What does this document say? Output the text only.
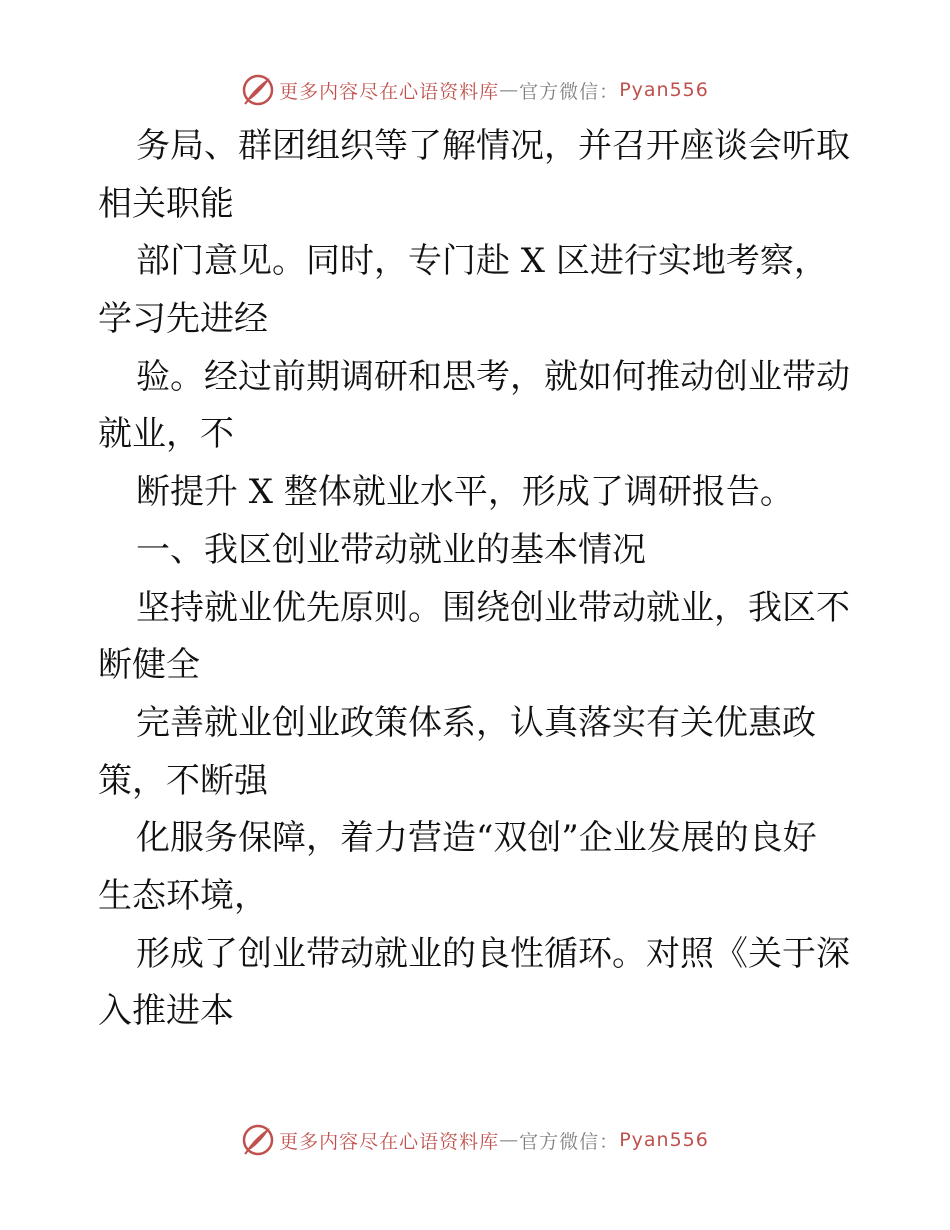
更多内容尽在心语资料库 — 官方微信： Pyan556
务局、群团组织等了解情况，并召开座谈会听取
相关职能
部门意见。同时，专门赴 X 区进行实地考察，
学习先进经
验。经过前期调研和思考，就如何推动创业带动
就业，不
断提升 X 整体就业水平，形成了调研报告。
一、我区创业带动就业的基本情况
坚持就业优先原则。围绕创业带动就业，我区不
断健全
完善就业创业政策体系，认真落实有关优惠政
策，不断强
化服务保障，着力营造“双创”企业发展的良好
生态环境，
形成了创业带动就业的良性循环。对照《关于深
入推进本
更多内容尽在心语资料库 — 官方微信： Pyan556
